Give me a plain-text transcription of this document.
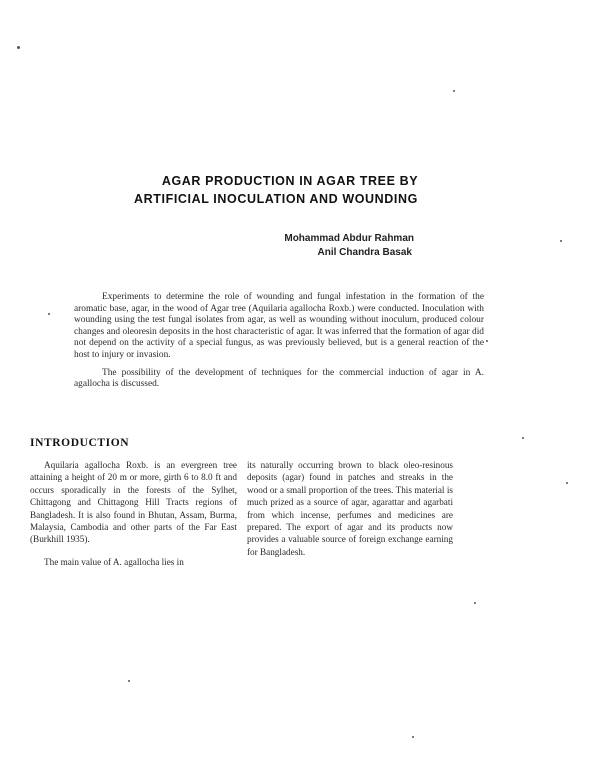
AGAR PRODUCTION IN AGAR TREE BY
ARTIFICIAL INOCULATION AND WOUNDING
Mohammad Abdur Rahman
Anil Chandra Basak

Experiments to determine the role of wounding and fungal infestation in the formation of the aromatic base, agar, in the wood of Agar tree (Aquilaria agallocha Roxb.) were conducted. Inoculation with wounding using the test fungal isolates from agar, as well as wounding without inoculum, produced colour changes and oleoresin deposits in the host characteristic of agar. It was inferred that the formation of agar did not depend on the activity of a special fungus, as was previously believed, but is a general reaction of the host to injury or invasion.

The possibility of the development of techniques for the commercial induction of agar in A. agallocha is discussed.

INTRODUCTION

Aquilaria agallocha Roxb. is an evergreen tree attaining a height of 20 m or more, girth 6 to 8.0 ft and occurs sporadically in the forests of the Sylhet, Chittagong and Chittagong Hill Tracts regions of Bangladesh. It is also found in Bhutan, Assam, Burma, Malaysia, Cambodia and other parts of the Far East (Burkhill 1935).

The main value of A. agallocha lies in

its naturally occurring brown to black oleo-resinous deposits (agar) found in patches and streaks in the wood or a small proportion of the trees. This material is much prized as a source of agar, agarattar and agarbati from which incense, perfumes and medicines are prepared. The export of agar and its products now provides a valuable source of foreign exchange earning for Bangladesh.
